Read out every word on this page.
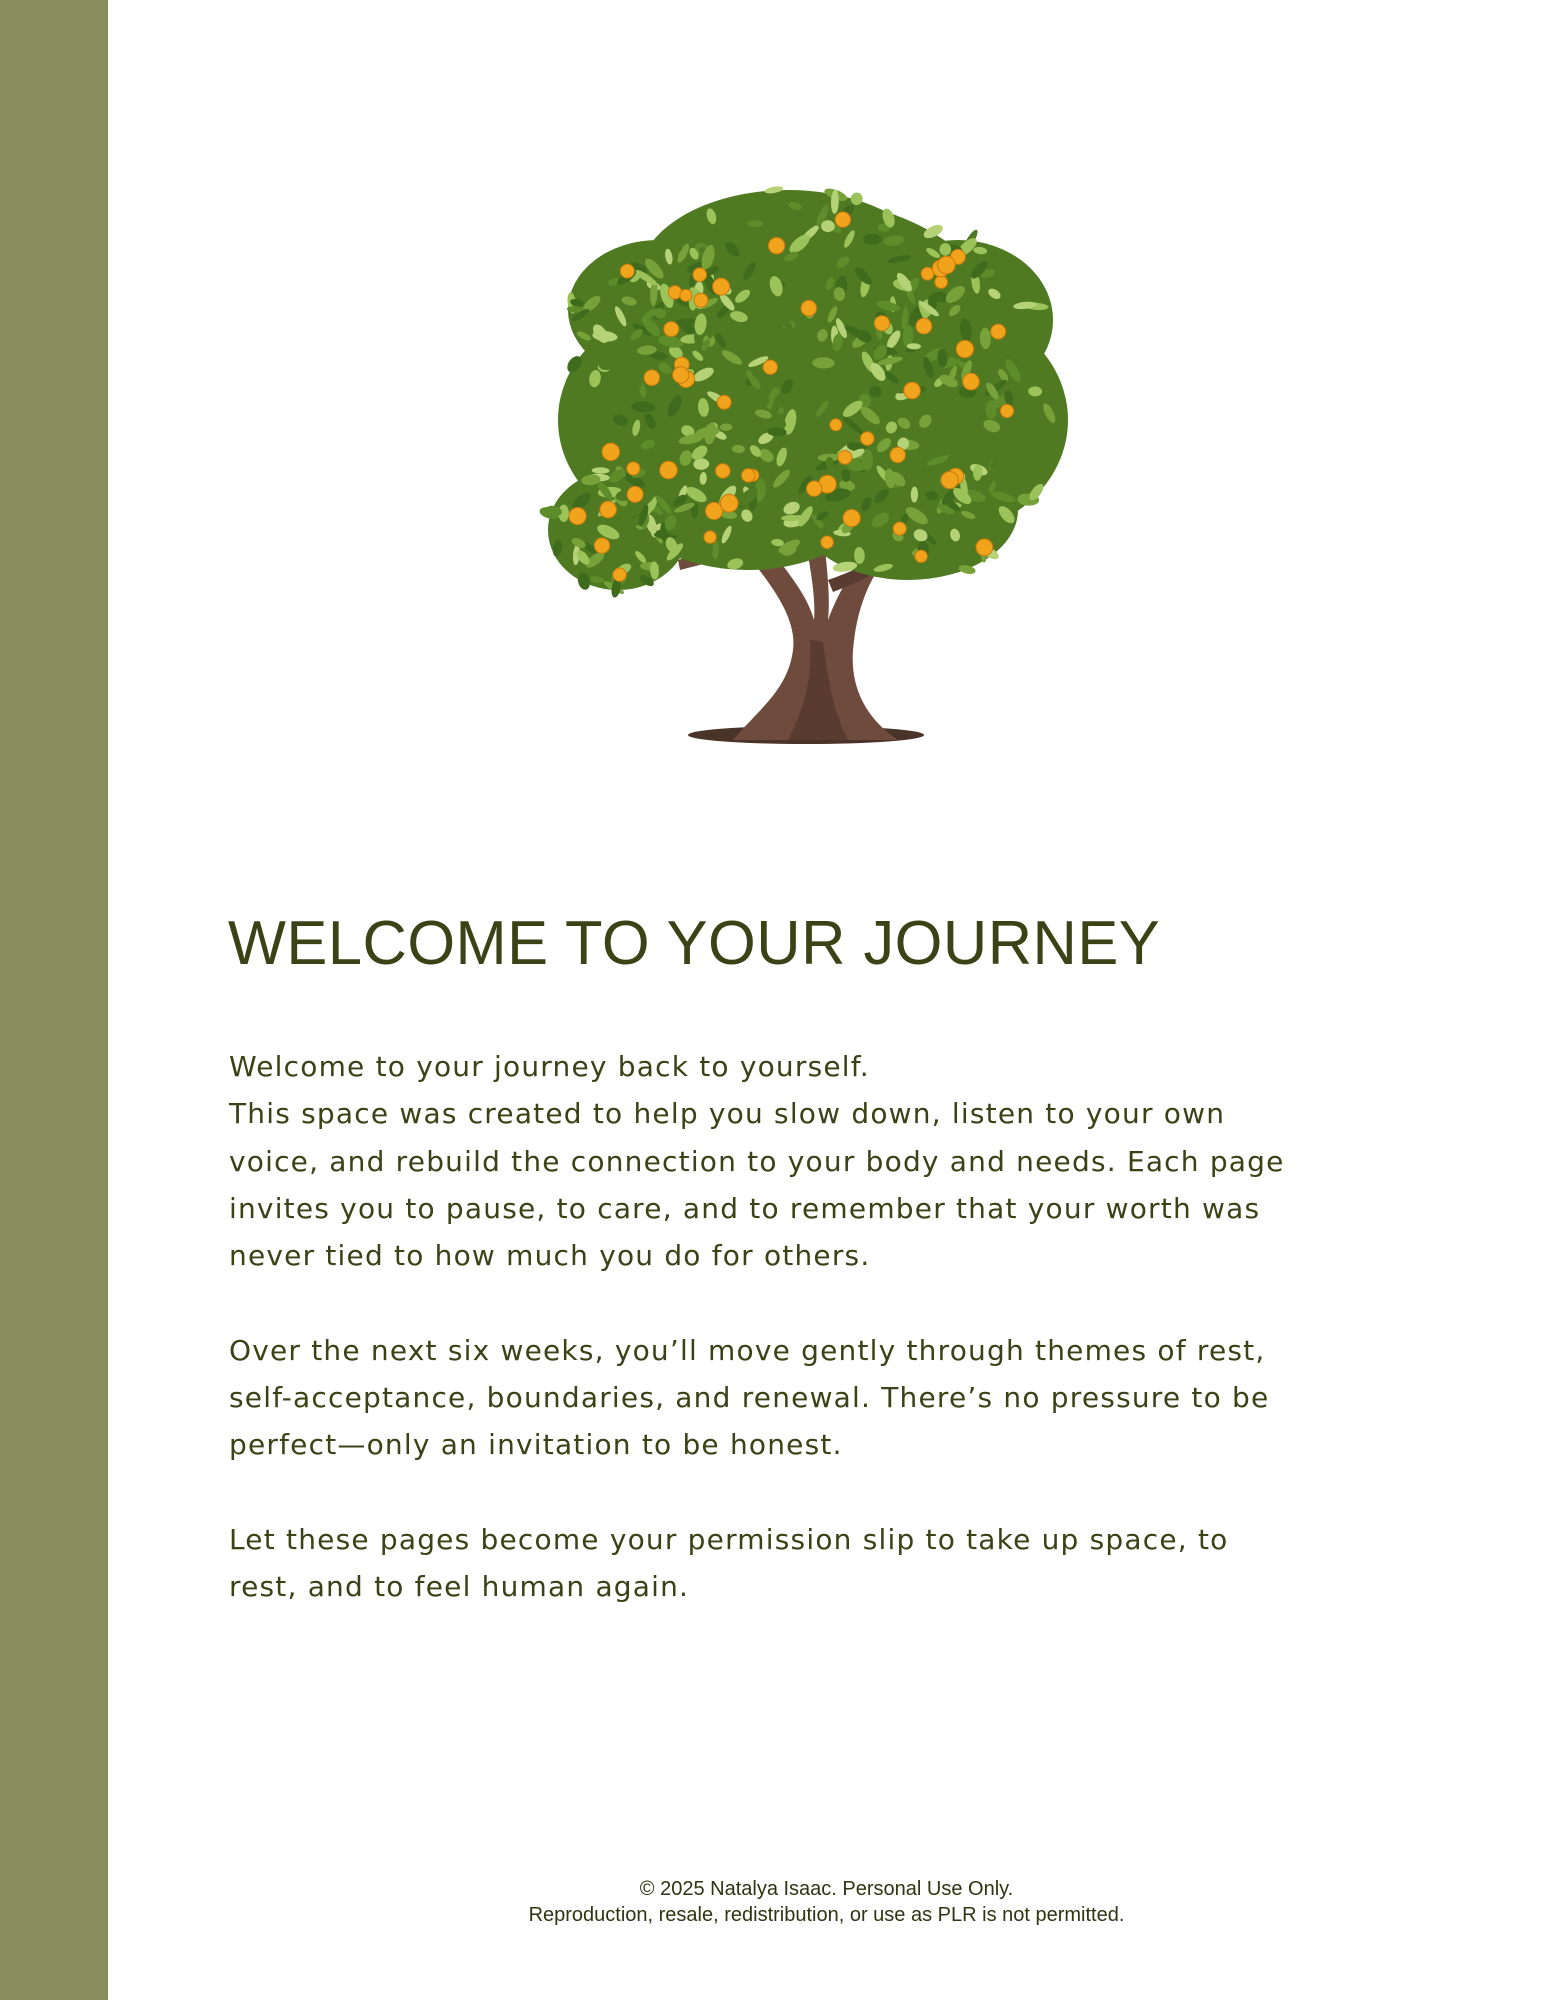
WELCOME TO YOUR JOURNEY

Welcome to your journey back to yourself.
This space was created to help you slow down, listen to your own
voice, and rebuild the connection to your body and needs. Each page
invites you to pause, to care, and to remember that your worth was
never tied to how much you do for others.

Over the next six weeks, you’ll move gently through themes of rest,
self-acceptance, boundaries, and renewal. There’s no pressure to be
perfect—only an invitation to be honest.

Let these pages become your permission slip to take up space, to
rest, and to feel human again.

© 2025 Natalya Isaac. Personal Use Only.
Reproduction, resale, redistribution, or use as PLR is not permitted.
